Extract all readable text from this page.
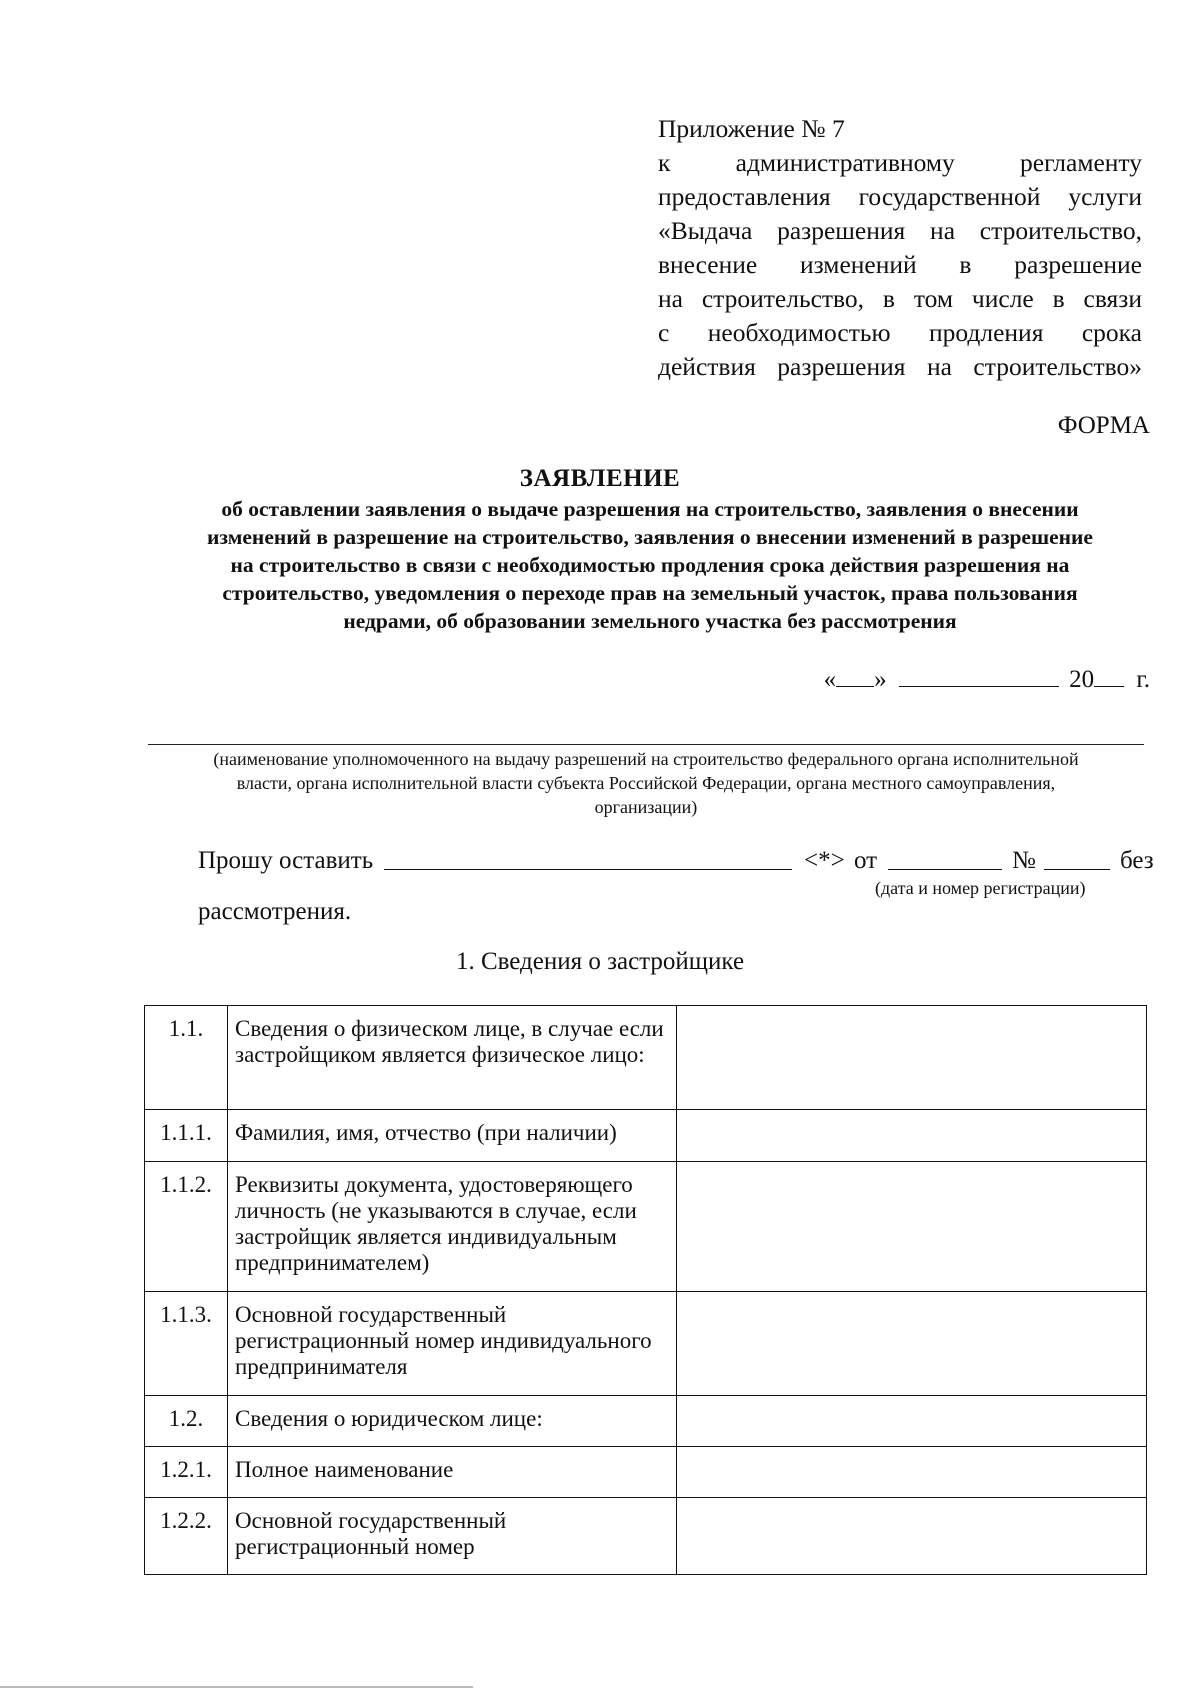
Приложение № 7
к административному регламенту
предоставления государственной услуги
«Выдача разрешения на строительство,
внесение изменений в разрешение
на строительство, в том числе в связи
с необходимостью продления срока
действия разрешения на строительство»
ФОРМА
ЗАЯВЛЕНИЕ
об оставлении заявления о выдаче разрешения на строительство, заявления о внесении
изменений в разрешение на строительство, заявления о внесении изменений в разрешение
на строительство в связи с необходимостью продления срока действия разрешения на
строительство, уведомления о переходе прав на земельный участок, права пользования
недрами, об образовании земельного участка без рассмотрения
« »	20 г.
(наименование уполномоченного на выдачу разрешений на строительство федерального органа исполнительной
власти, органа исполнительной власти субъекта Российской Федерации, органа местного самоуправления,
организации)
Прошу оставить	<*> от	№	без
(дата и номер регистрации)
рассмотрения.
1. Сведения о застройщике
1.1.	Сведения о физическом лице, в случае если застройщиком является физическое лицо:	
1.1.1.	Фамилия, имя, отчество (при наличии)	
1.1.2.	Реквизиты документа, удостоверяющего личность (не указываются в случае, если застройщик является индивидуальным предпринимателем)	
1.1.3.	Основной государственный регистрационный номер индивидуального предпринимателя	
1.2.	Сведения о юридическом лице:	
1.2.1.	Полное наименование	
1.2.2.	Основной государственный регистрационный номер	
